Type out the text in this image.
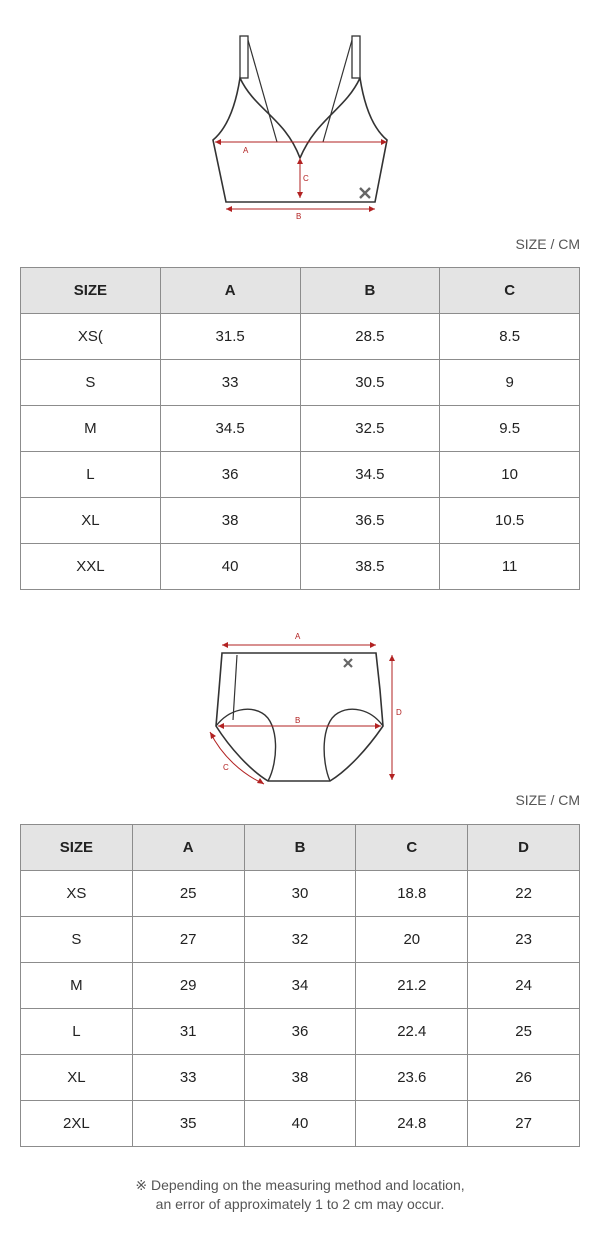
A
C
B
SIZE / CM
SIZE	A	B	C
XS(	31.5	28.5	8.5
S	33	30.5	9
M	34.5	32.5	9.5
L	36	34.5	10
XL	38	36.5	10.5
XXL	40	38.5	11
A
B
C
D
SIZE / CM
SIZE	A	B	C	D
XS	25	30	18.8	22
S	27	32	20	23
M	29	34	21.2	24
L	31	36	22.4	25
XL	33	38	23.6	26
2XL	35	40	24.8	27
※ Depending on the measuring method and location,
an error of approximately 1 to 2 cm may occur.
